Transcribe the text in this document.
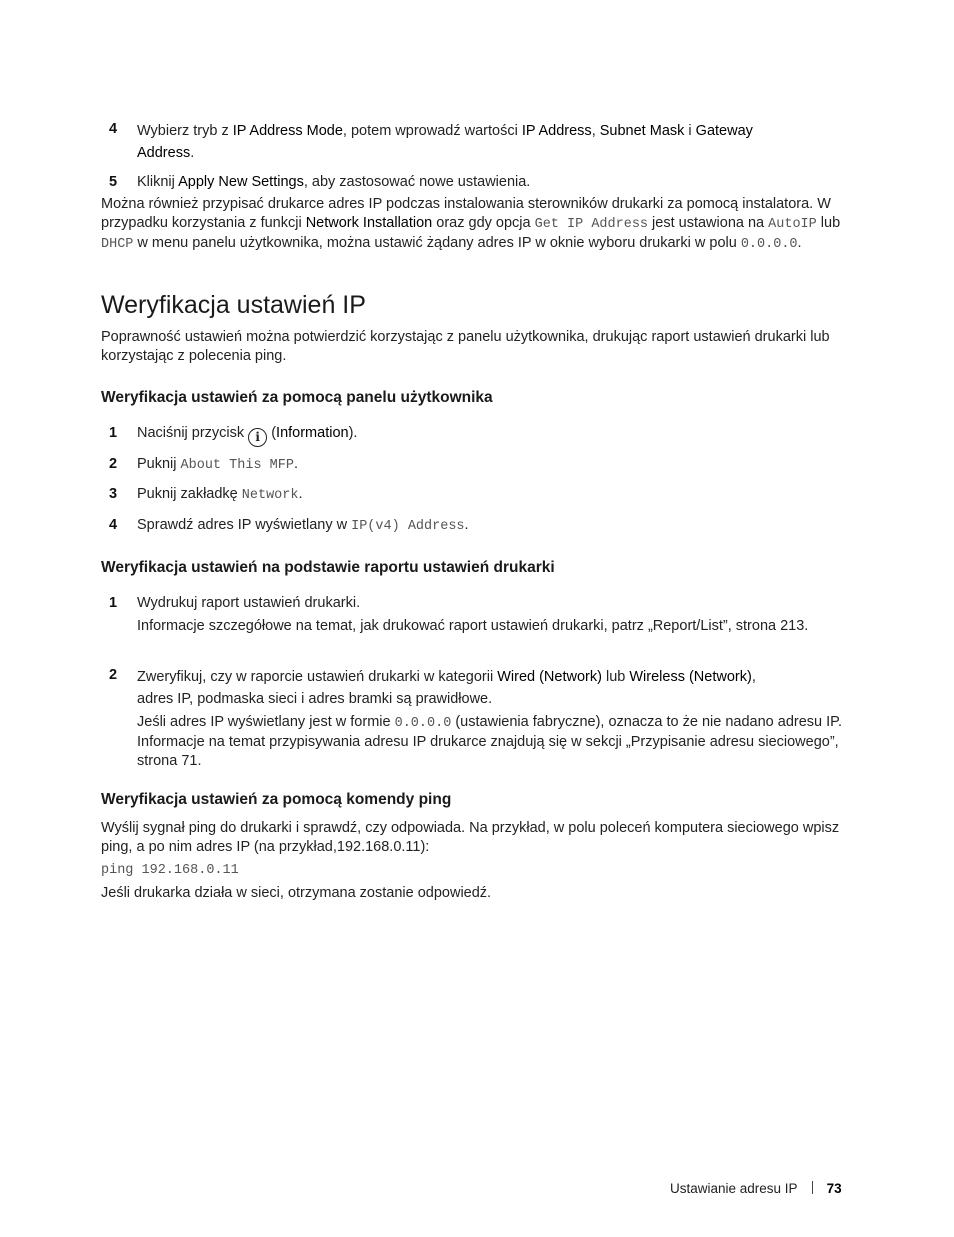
4 Wybierz tryb z IP Address Mode, potem wprowadź wartości IP Address, Subnet Mask i Gateway
Address.

5 Kliknij Apply New Settings, aby zastosować nowe ustawienia.

Można również przypisać drukarce adres IP podczas instalowania sterowników drukarki za pomocą instalatora. W przypadku korzystania z funkcji Network Installation oraz gdy opcja Get IP Address jest ustawiona na AutoIP lub DHCP w menu panelu użytkownika, można ustawić żądany adres IP w oknie wyboru drukarki w polu 0.0.0.0.

Weryfikacja ustawień IP

Poprawność ustawień można potwierdzić korzystając z panelu użytkownika, drukując raport ustawień drukarki lub korzystając z polecenia ping.

Weryfikacja ustawień za pomocą panelu użytkownika
1 Naciśnij przycisk i (Information).

2 Puknij About This MFP.

3 Puknij zakładkę Network.

4 Sprawdź adres IP wyświetlany w IP(v4) Address.

Weryfikacja ustawień na podstawie raportu ustawień drukarki
1 Wydrukuj raport ustawień drukarki.

Informacje szczegółowe na temat, jak drukować raport ustawień drukarki, patrz „Report/List”, strona 213.

2 Zweryfikuj, czy w raporcie ustawień drukarki w kategorii Wired (Network) lub Wireless (Network),
adres IP, podmaska sieci i adres bramki są prawidłowe.

Jeśli adres IP wyświetlany jest w formie 0.0.0.0 (ustawienia fabryczne), oznacza to że nie nadano adresu IP. Informacje na temat przypisywania adresu IP drukarce znajdują się w sekcji „Przypisanie adresu sieciowego”, strona 71.

Weryfikacja ustawień za pomocą komendy ping

Wyślij sygnał ping do drukarki i sprawdź, czy odpowiada. Na przykład, w polu poleceń komputera sieciowego wpisz ping, a po nim adres IP (na przykład,192.168.0.11):

ping 192.168.0.11

Jeśli drukarka działa w sieci, otrzymana zostanie odpowiedź.

Ustawianie adresu IP 73
